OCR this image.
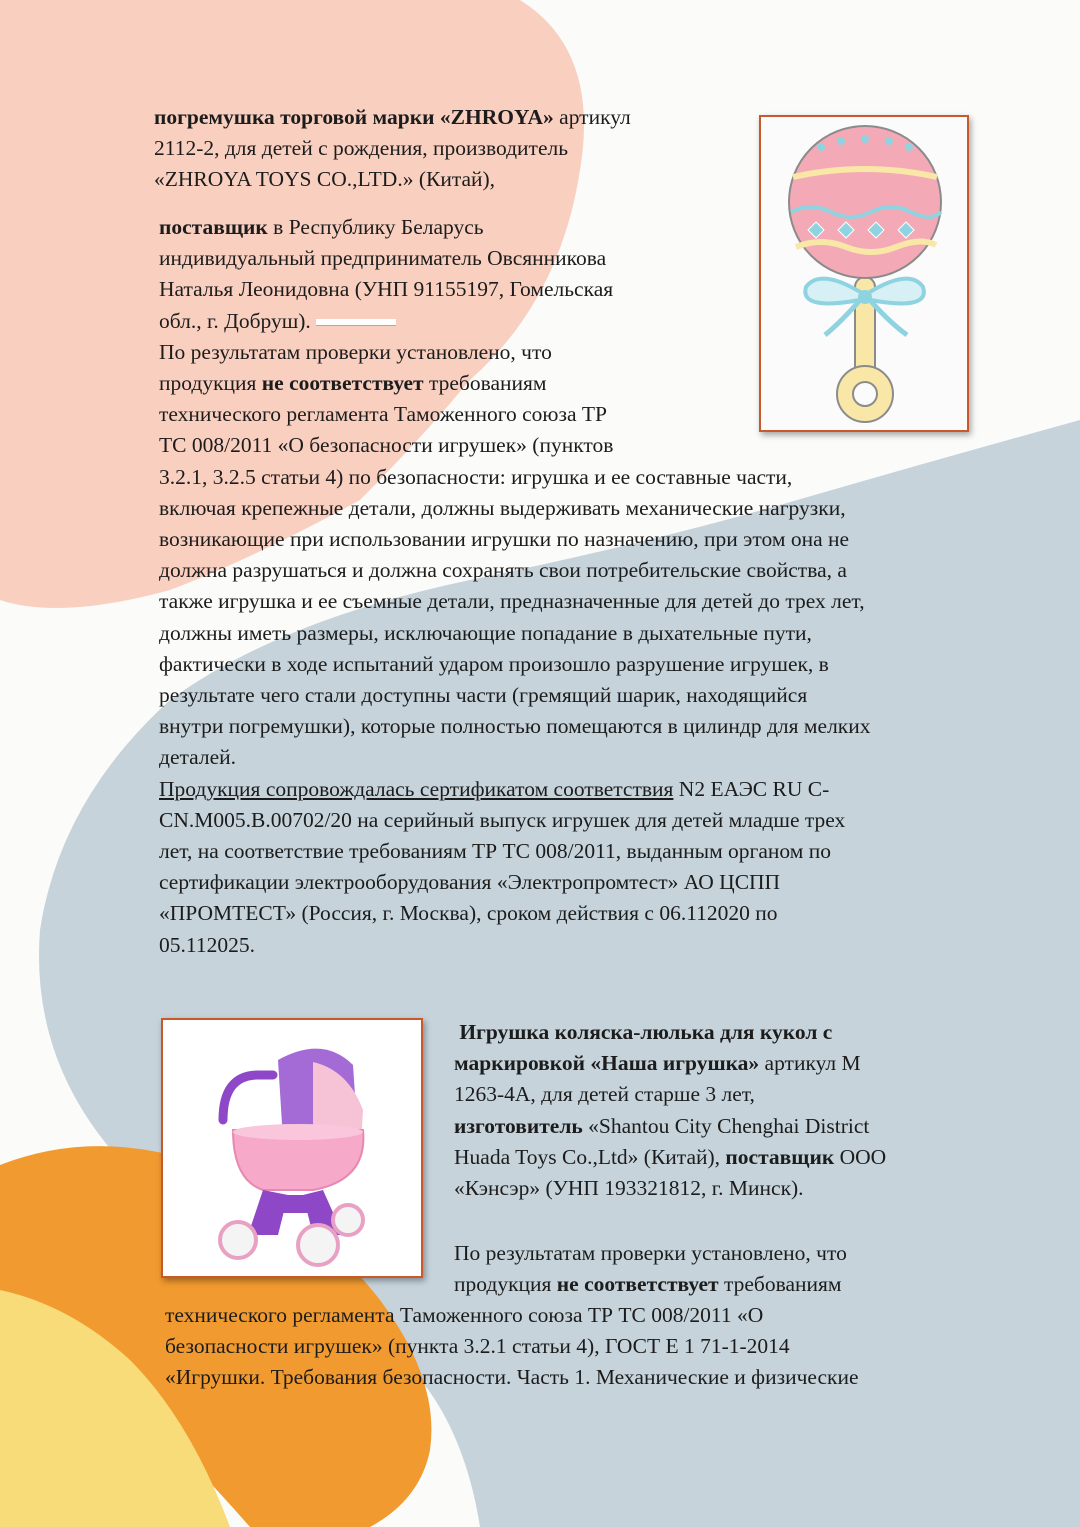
погремушка торговой марки «ZHROYA» артикул

2112-2, для детей с рождения, производитель

«ZHROYA TOYS CO.,LTD.» (Китай),

поставщик в Республику Беларусь

индивидуальный предприниматель Овсянникова

Наталья Леонидовна (УНП 91155197, Гомельская

обл., г. Добруш).

По результатам проверки установлено, что

продукция не соответствует требованиям

технического регламента Таможенного союза ТР

ТС 008/2011 «О безопасности игрушек» (пунктов

3.2.1, 3.2.5 статьи 4) по безопасности: игрушка и ее составные части,

включая крепежные детали, должны выдерживать механические нагрузки,

возникающие при использовании игрушки по назначению, при этом она не

должна разрушаться и должна сохранять свои потребительские свойства, а

также игрушка и ее съемные детали, предназначенные для детей до трех лет,

должны иметь размеры, исключающие попадание в дыхательные пути,

фактически в ходе испытаний ударом произошло разрушение игрушек, в

результате чего стали доступны части (гремящий шарик, находящийся

внутри погремушки), которые полностью помещаются в цилиндр для мелких

деталей.

Продукция сопровождалась сертификатом соответствия N2 ЕАЭС RU C-

CN.M005.B.00702/20 на серийный выпуск игрушек для детей младше трех

лет, на соответствие требованиям ТР ТС 008/2011, выданным органом по

сертификации электрооборудования «Электропромтест» АО ЦСПП

«ПРОМТЕСТ» (Россия, г. Москва), сроком действия с 06.112020 по

05.112025.

Игрушка коляска-люлька для кукол с

маркировкой «Наша игрушка» артикул М

1263-4А, для детей старше 3 лет,

изготовитель «Shantou City Chenghai District

Huada Toys Co.,Ltd» (Китай), поставщик ООО

«Кэнсэр» (УНП 193321812, г. Минск).

По результатам проверки установлено, что

продукция не соответствует требованиям

технического регламента Таможенного союза ТР ТС 008/2011 «О

безопасности игрушек» (пункта 3.2.1 статьи 4), ГОСТ Е 1 71-1-2014

«Игрушки. Требования безопасности. Часть 1. Механические и физические
